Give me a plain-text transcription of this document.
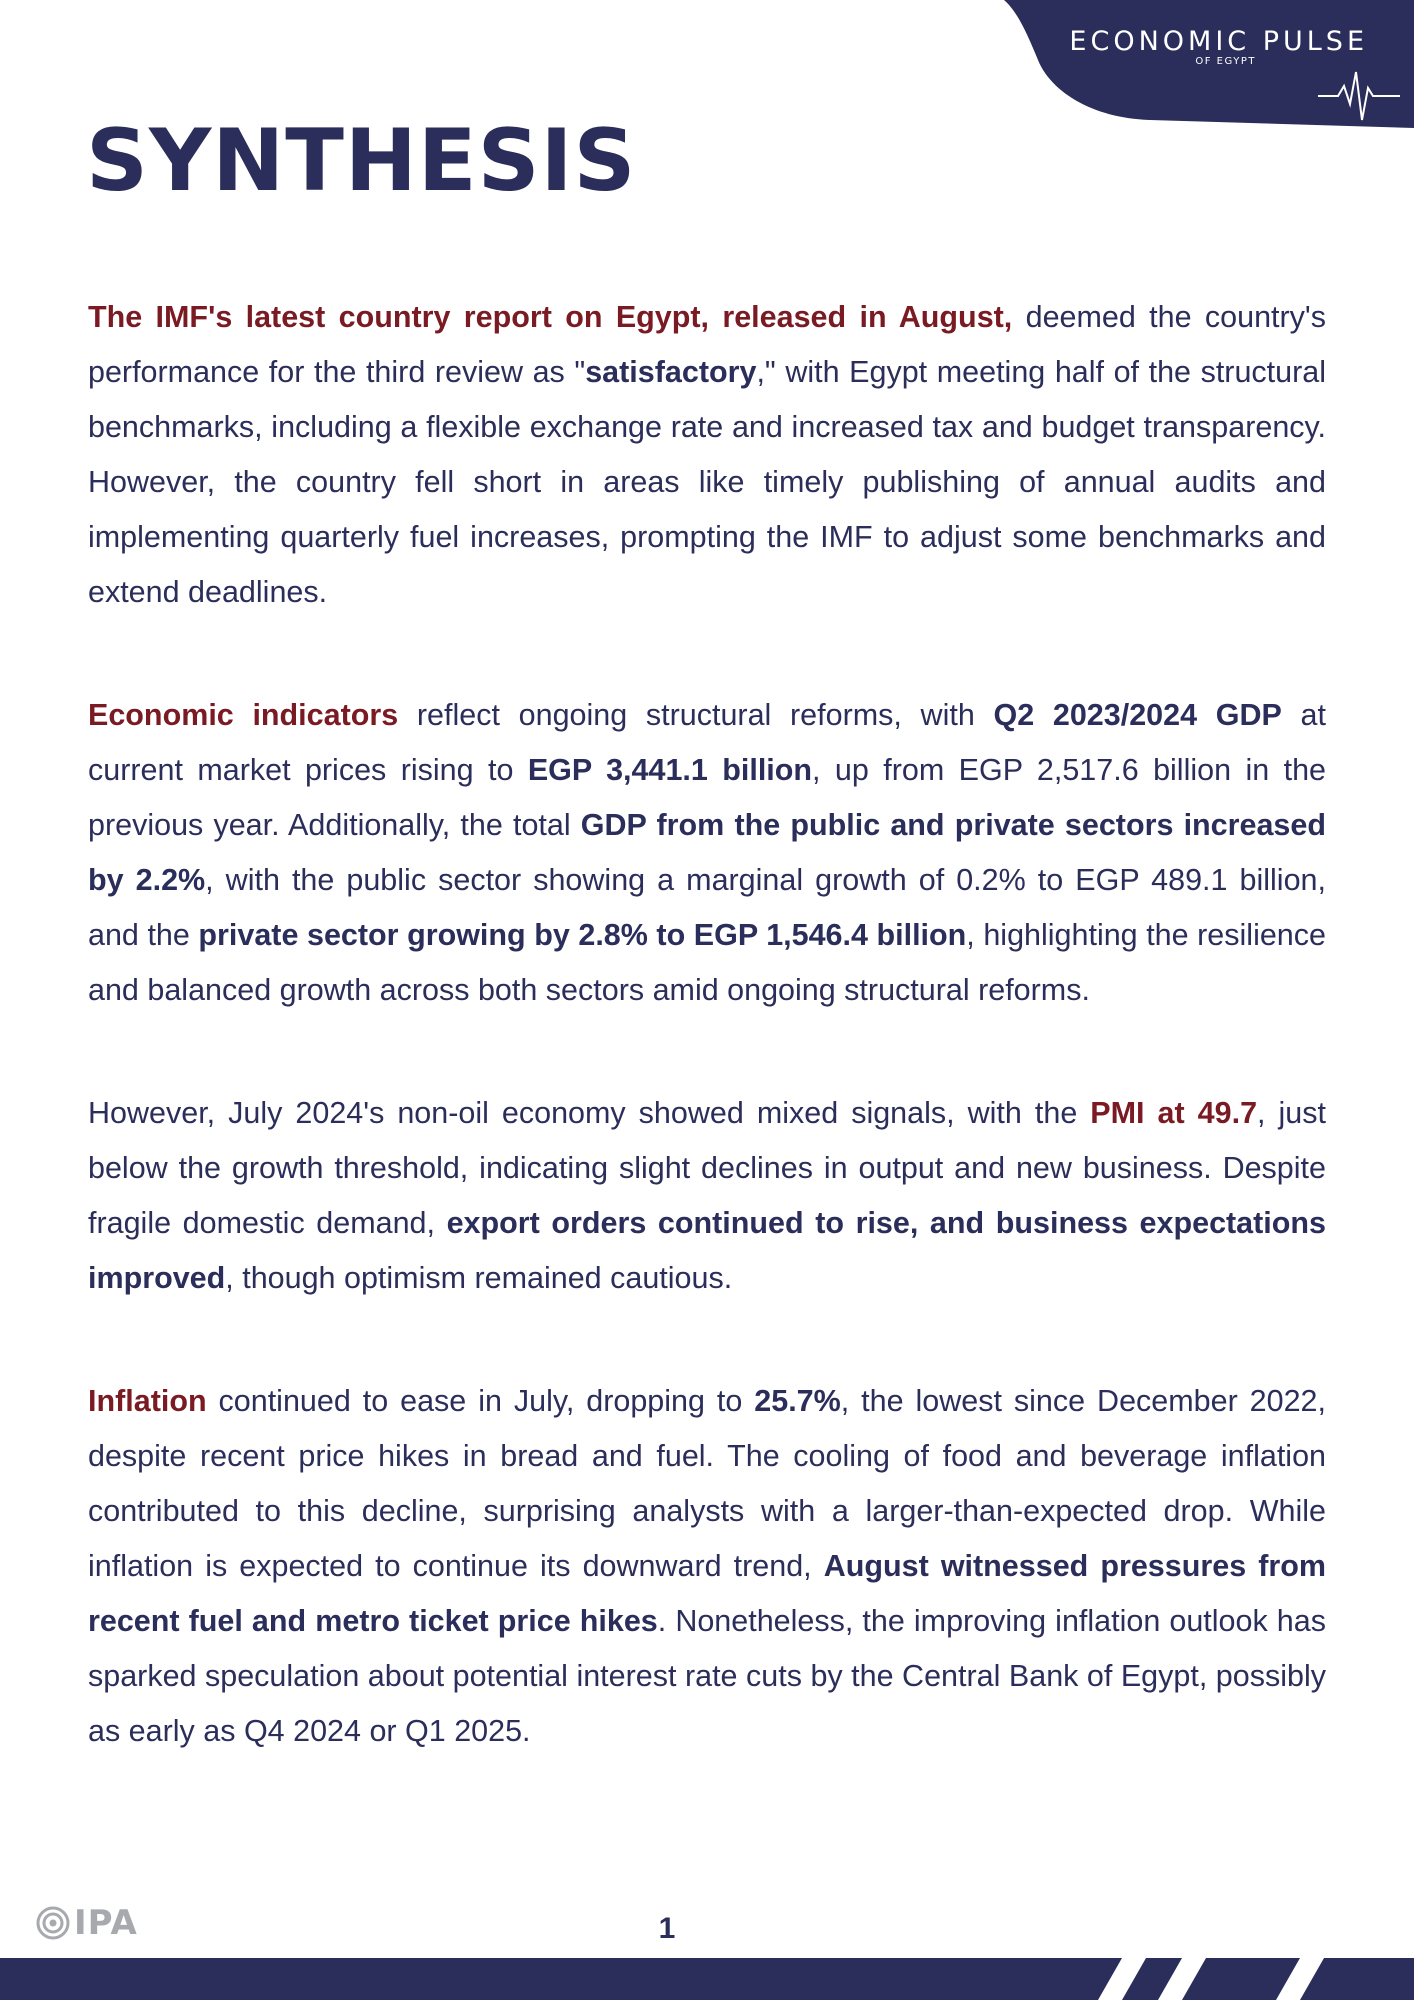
ECONOMIC PULSE
OF EGYPT
SYNTHESIS

The IMF's latest country report on Egypt, released in August, deemed the country's performance for the third review as "satisfactory," with Egypt meeting half of the structural benchmarks, including a flexible exchange rate and increased tax and budget transparency. However, the country fell short in areas like timely publishing of annual audits and implementing quarterly fuel increases, prompting the IMF to adjust some benchmarks and extend deadlines.

Economic indicators reflect ongoing structural reforms, with Q2 2023/2024 GDP at current market prices rising to EGP 3,441.1 billion, up from EGP 2,517.6 billion in the previous year. Additionally, the total GDP from the public and private sectors increased by 2.2%, with the public sector showing a marginal growth of 0.2% to EGP 489.1 billion, and the private sector growing by 2.8% to EGP 1,546.4 billion, highlighting the resilience and balanced growth across both sectors amid ongoing structural reforms.

However, July 2024's non-oil economy showed mixed signals, with the PMI at 49.7, just below the growth threshold, indicating slight declines in output and new business. Despite fragile domestic demand, export orders continued to rise, and business expectations improved, though optimism remained cautious.

Inflation continued to ease in July, dropping to 25.7%, the lowest since December 2022, despite recent price hikes in bread and fuel. The cooling of food and beverage inflation contributed to this decline, surprising analysts with a larger-than-expected drop. While inflation is expected to continue its downward trend, August witnessed pressures from recent fuel and metro ticket price hikes. Nonetheless, the improving inflation outlook has sparked speculation about potential interest rate cuts by the Central Bank of Egypt, possibly as early as Q4 2024 or Q1 2025.

IPA	1
